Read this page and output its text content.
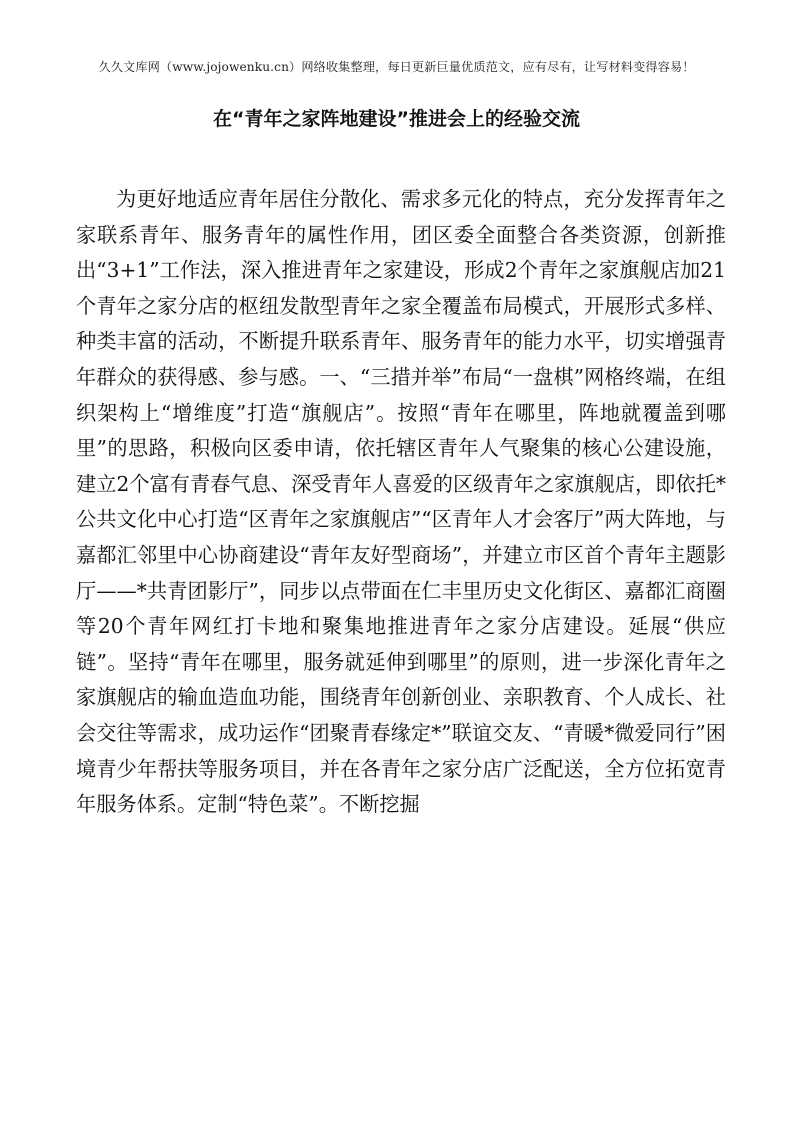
久久文库网（www.jojowenku.cn）网络收集整理，每日更新巨量优质范文，应有尽有，让写材料变得容易！
在“青年之家阵地建设”推进会上的经验交流
为更好地适应青年居住分散化、需求多元化的特点，充分发挥青年之家联系青年、服务青年的属性作用，团区委全面整合各类资源，创新推出“3+1”工作法，深入推进青年之家建设，形成2个青年之家旗舰店加21个青年之家分店的枢纽发散型青年之家全覆盖布局模式，开展形式多样、种类丰富的活动，不断提升联系青年、服务青年的能力水平，切实增强青年群众的获得感、参与感。一、“三措并举”布局“一盘棋”网格终端，在组织架构上“增维度”打造“旗舰店”。按照“青年在哪里，阵地就覆盖到哪里”的思路，积极向区委申请，依托辖区青年人气聚集的核心公建设施，建立2个富有青春气息、深受青年人喜爱的区级青年之家旗舰店，即依托*公共文化中心打造“区青年之家旗舰店”“区青年人才会客厅”两大阵地，与嘉都汇邻里中心协商建设“青年友好型商场”，并建立市区首个青年主题影厅——*共青团影厅”，同步以点带面在仁丰里历史文化街区、嘉都汇商圈等20个青年网红打卡地和聚集地推进青年之家分店建设。延展“供应链”。坚持“青年在哪里，服务就延伸到哪里”的原则，进一步深化青年之家旗舰店的输血造血功能，围绕青年创新创业、亲职教育、个人成长、社会交往等需求，成功运作“团聚青春缘定*”联谊交友、“青暖*微爱同行”困境青少年帮扶等服务项目，并在各青年之家分店广泛配送，全方位拓宽青年服务体系。定制“特色菜”。不断挖掘
